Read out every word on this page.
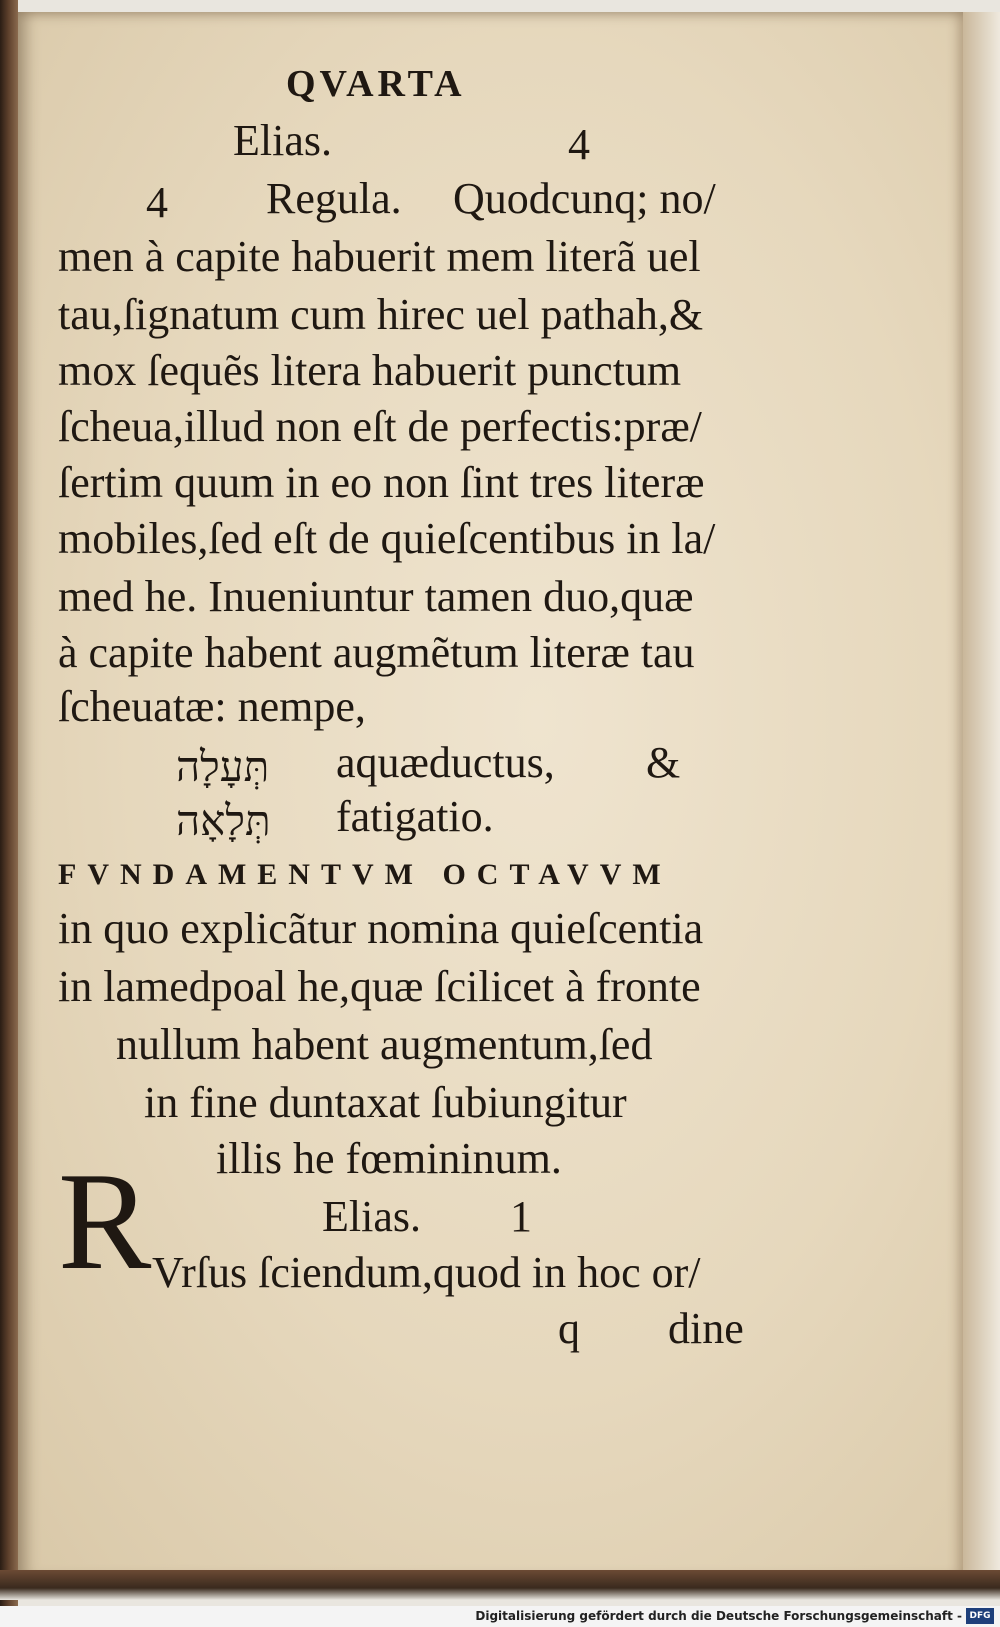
QVARTA
Elias.	4
4 Regula. Quodcunq; no/
men à capite habuerit mem literã uel
tau,ſignatum cum hirec uel pathah,&
mox ſequẽs litera habuerit punctum
ſcheua,illud non eſt de perfectis:præ/
ſertim quum in eo non ſint tres literæ
mobiles,ſed eſt de quieſcentibus in la/
med he. Inueniuntur tamen duo,quæ
à capite habent augmẽtum literæ tau
ſcheuatæ: nempe,
תְּעָלָה aquæductus, &
תְּלָאָה fatigatio.
FVNDAMENTVM OCTAVVM
in quo explicãtur nomina quieſcentia
in lamedpoal he,quæ ſcilicet à fronte
nullum habent augmentum,ſed
in fine duntaxat ſubiungitur
illis he fœmininum.
Elias. 1
R Vrſus ſciendum,quod in hoc or/
q dine
Digitalisierung gefördert durch die Deutsche Forschungsgemeinschaft - DFG
